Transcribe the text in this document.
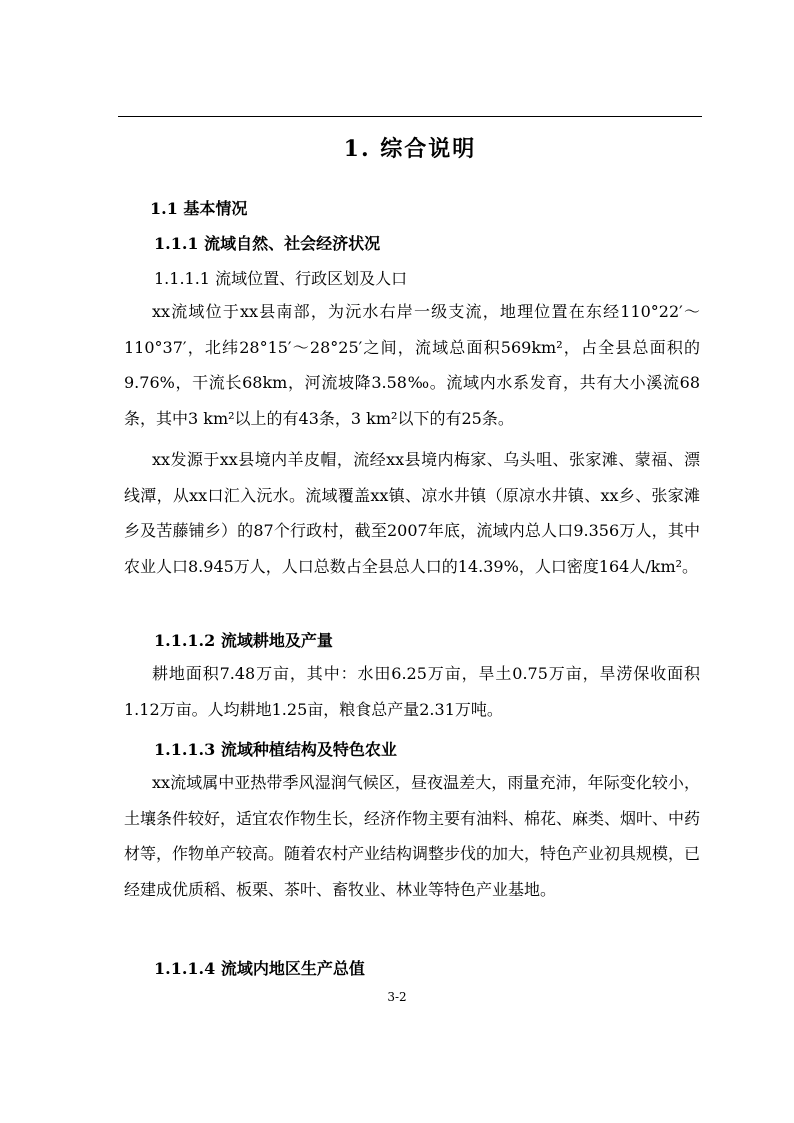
1. 综合说明
1.1 基本情况
1.1.1 流域自然、社会经济状况
1.1.1.1 流域位置、行政区划及人口

xx流域位于xx县南部，为沅水右岸一级支流，地理位置在东经110°22′～110°37′，北纬28°15′～28°25′之间，流域总面积569km²，占全县总面积的9.76%，干流长68km，河流坡降3.58‰。流域内水系发育，共有大小溪流68条，其中3 km²以上的有43条，3 km²以下的有25条。

xx发源于xx县境内羊皮帽，流经xx县境内梅家、乌头咀、张家滩、蒙福、漂线潭，从xx口汇入沅水。流域覆盖xx镇、凉水井镇（原凉水井镇、xx乡、张家滩乡及苦藤铺乡）的87个行政村，截至2007年底，流域内总人口9.356万人，其中农业人口8.945万人，人口总数占全县总人口的14.39%，人口密度164人/km²。

1.1.1.2 流域耕地及产量

耕地面积7.48万亩，其中：水田6.25万亩，旱土0.75万亩，旱涝保收面积1.12万亩。人均耕地1.25亩，粮食总产量2.31万吨。

1.1.1.3 流域种植结构及特色农业

xx流域属中亚热带季风湿润气候区，昼夜温差大，雨量充沛，年际变化较小，土壤条件较好，适宜农作物生长，经济作物主要有油料、棉花、麻类、烟叶、中药材等，作物单产较高。随着农村产业结构调整步伐的加大，特色产业初具规模，已经建成优质稻、板栗、茶叶、畜牧业、林业等特色产业基地。

1.1.1.4 流域内地区生产总值
3-2
